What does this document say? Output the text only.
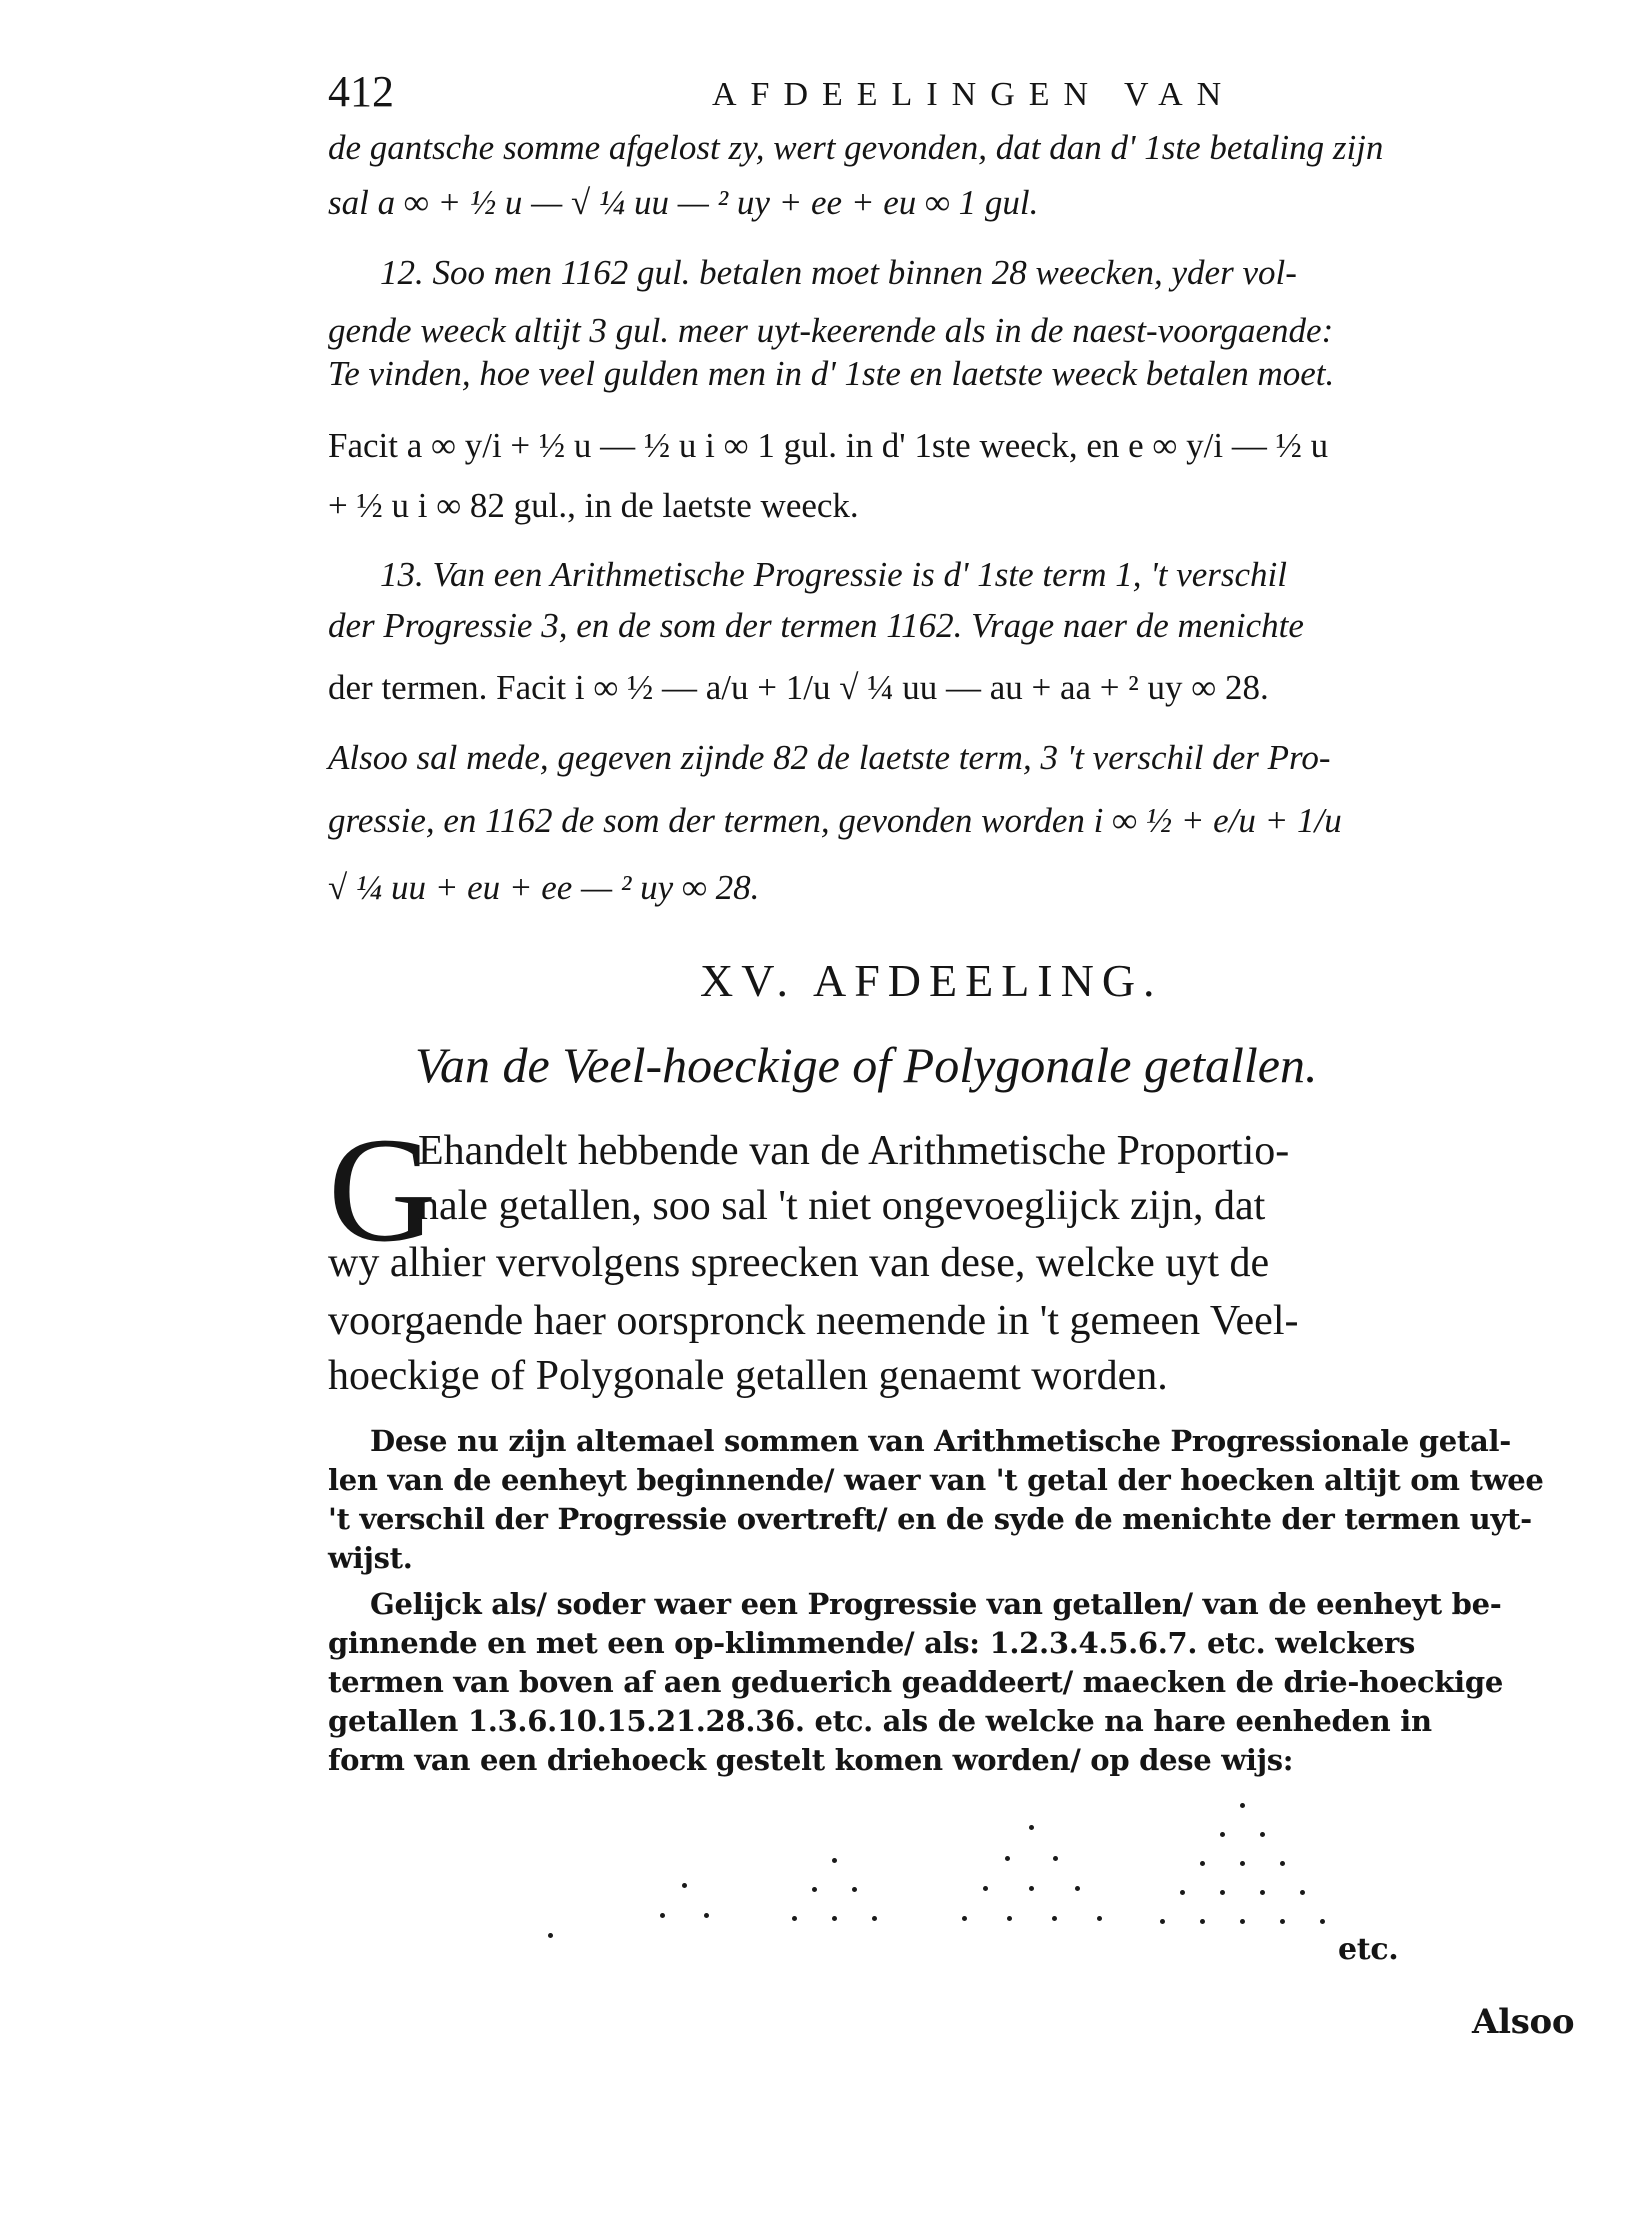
412	AFDEELINGEN VAN
de gantsche somme afgelost zy, wert gevonden, dat dan d' 1ste betaling zijn
sal a ∞ + ½ u — √ ¼ uu — ² uy + ee + eu ∞ 1 gul.
12. Soo men 1162 gul. betalen moet binnen 28 weecken, yder vol-
gende weeck altijt 3 gul. meer uyt-keerende als in de naest-voorgaende:
Te vinden, hoe veel gulden men in d' 1ste en laetste weeck betalen moet.
Facit a ∞ y/i + ½ u — ½ u i ∞ 1 gul. in d' 1ste weeck, en e ∞ y/i — ½ u
+ ½ u i ∞ 82 gul., in de laetste weeck.
13. Van een Arithmetische Progressie is d' 1ste term 1, 't verschil
der Progressie 3, en de som der termen 1162. Vrage naer de menichte
der termen. Facit i ∞ ½ — a/u + 1/u √ ¼ uu — au + aa + ² uy ∞ 28.
Alsoo sal mede, gegeven zijnde 82 de laetste term, 3 't verschil der Pro-
gressie, en 1162 de som der termen, gevonden worden i ∞ ½ + e/u + 1/u
√ ¼ uu + eu + ee — ² uy ∞ 28.
XV. AFDEELING.
Van de Veel-hoeckige of Polygonale getallen.
G
Ehandelt hebbende van de Arithmetische Proportio-
nale getallen, soo sal 't niet ongevoeglijck zijn, dat
wy alhier vervolgens spreecken van dese, welcke uyt de
voorgaende haer oorspronck neemende in 't gemeen Veel-
hoeckige of Polygonale getallen genaemt worden.
Dese nu zijn altemael sommen van Arithmetische Progressionale getal-
len van de eenheyt beginnende/ waer van 't getal der hoecken altijt om twee
't verschil der Progressie overtreft/ en de syde de menichte der termen uyt-
wijst.
Gelijck als/ soder waer een Progressie van getallen/ van de eenheyt be-
ginnende en met een op-klimmende/ als: 1.2.3.4.5.6.7. etc. welckers
termen van boven af aen geduerich geaddeert/ maecken de drie-hoeckige
getallen 1.3.6.10.15.21.28.36. etc. als de welcke na hare eenheden in
form van een driehoeck gestelt komen worden/ op dese wijs:
etc.
Alsoo
